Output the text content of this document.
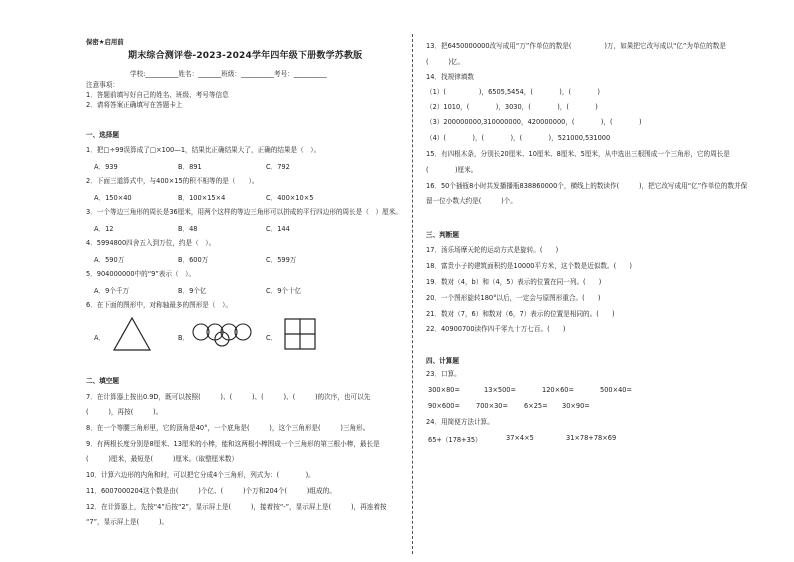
保密★启用前
期末综合测评卷-2023-2024学年四年级下册数学苏教版
学校:__________姓名：_______班级：__________考号：__________
注意事项：
1．答题前填写好自己的姓名、班级、考号等信息
2．请将答案正确填写在答题卡上
一、选择题
1．把□÷99误算成了□×100—1，结果比正确结果大了，正确的结果是（　）。
A．939	B．891	C．792
2．下面三道算式中，与400×15的积不相等的是（　　）。
A．150×40	B．100×15×4	C．400×10×5
3．一个等边三角形的周长是36厘米，用两个这样的等边三角形可以拼成的平行四边形的周长是（　）厘米。
A．12	B．48	C．144
4．5994800四舍五入到万位，约是（　）。
A．590万	B．600万	C．599万
5．904000000中的“9”表示（　）。
A．9个千万	B．9个亿	C．9个十亿
6．在下面的图形中，对称轴最多的图形是（　）。
A．	B．	C．
二、填空题
7．在计算器上按出0.9D，既可以按照(　　　)、(　　　)、(　　　)、(　　　)的次序，也可以先
(　　　)，再按(　　　)。
8．在一个等腰三角形里，它的顶角是40°，一个底角是(　　　)，这个三角形是(　　　)三角形。
9．有两根长度分别是8厘米、13厘米的小棒，能和这两根小棒围成一个三角形的第三根小棒，最长是
(　　　)厘米，最短是(　　　)厘米。（取整厘米数）
10．计算六边形的内角和时，可以把它分成4个三角形，列式为：(　　　　)。
11．6007000204这个数是由(　　　)个亿、(　　　)个万和204个(　　　)组成的。
12．在计算器上，先按“4”后按“2”，显示屏上是(　　　)，接着按“-”，显示屏上是(　　　)，再连着按
“7”，显示屏上是(　　　)。
13．把6450000000改写成用“万”作单位的数是(　　　　　)万，如果把它改写成以“亿”为单位的数是
(　　　)亿。
14．找规律填数
（1）(　　　　　)，6505,5454，(　　　　)，(　　　　)
（2）1010，(　　　　)，3030，(　　　　)，(　　　　)
（3）200000000,310000000，420000000，(　　　　)，(　　　　)
（4）(　　　　)，(　　　　)，(　　　　)，521000,531000
15．有四根木条，分别长20厘米、10厘米、8厘米、5厘米，从中选出三根围成一个三角形，它的周长是
(　　　　)厘米。
16．50个插瓶8小时共发播播瓶838860000个，横线上的数读作(　　　)，把它改写成用“亿”作单位的数并保
留一位小数大约是(　　　)个。
三、判断题
17．汤乐场摩天轮的运动方式是旋转。(　　)
18．富贵小子的建筑面积约是10000平方米，这个数是近似数。(　　)
19．数对（4，b）和（4，5）表示的位置在同一列。(　　)
20．一个图形旋转180°以后，一定会与原图形重合。(　　)
21．数对（7，6）和数对（6，7）表示的位置是相同的。(　　)
22．40900700读作四千零九十万七百。(　　)
四、计算题
23．口算。
300×80=	13×500=	120×60=	500×40=
90×600= 700×30= 6×25= 30×90=
24．用简便方法计算。
65+（178+35）	37×4×5	31×78+78×69
